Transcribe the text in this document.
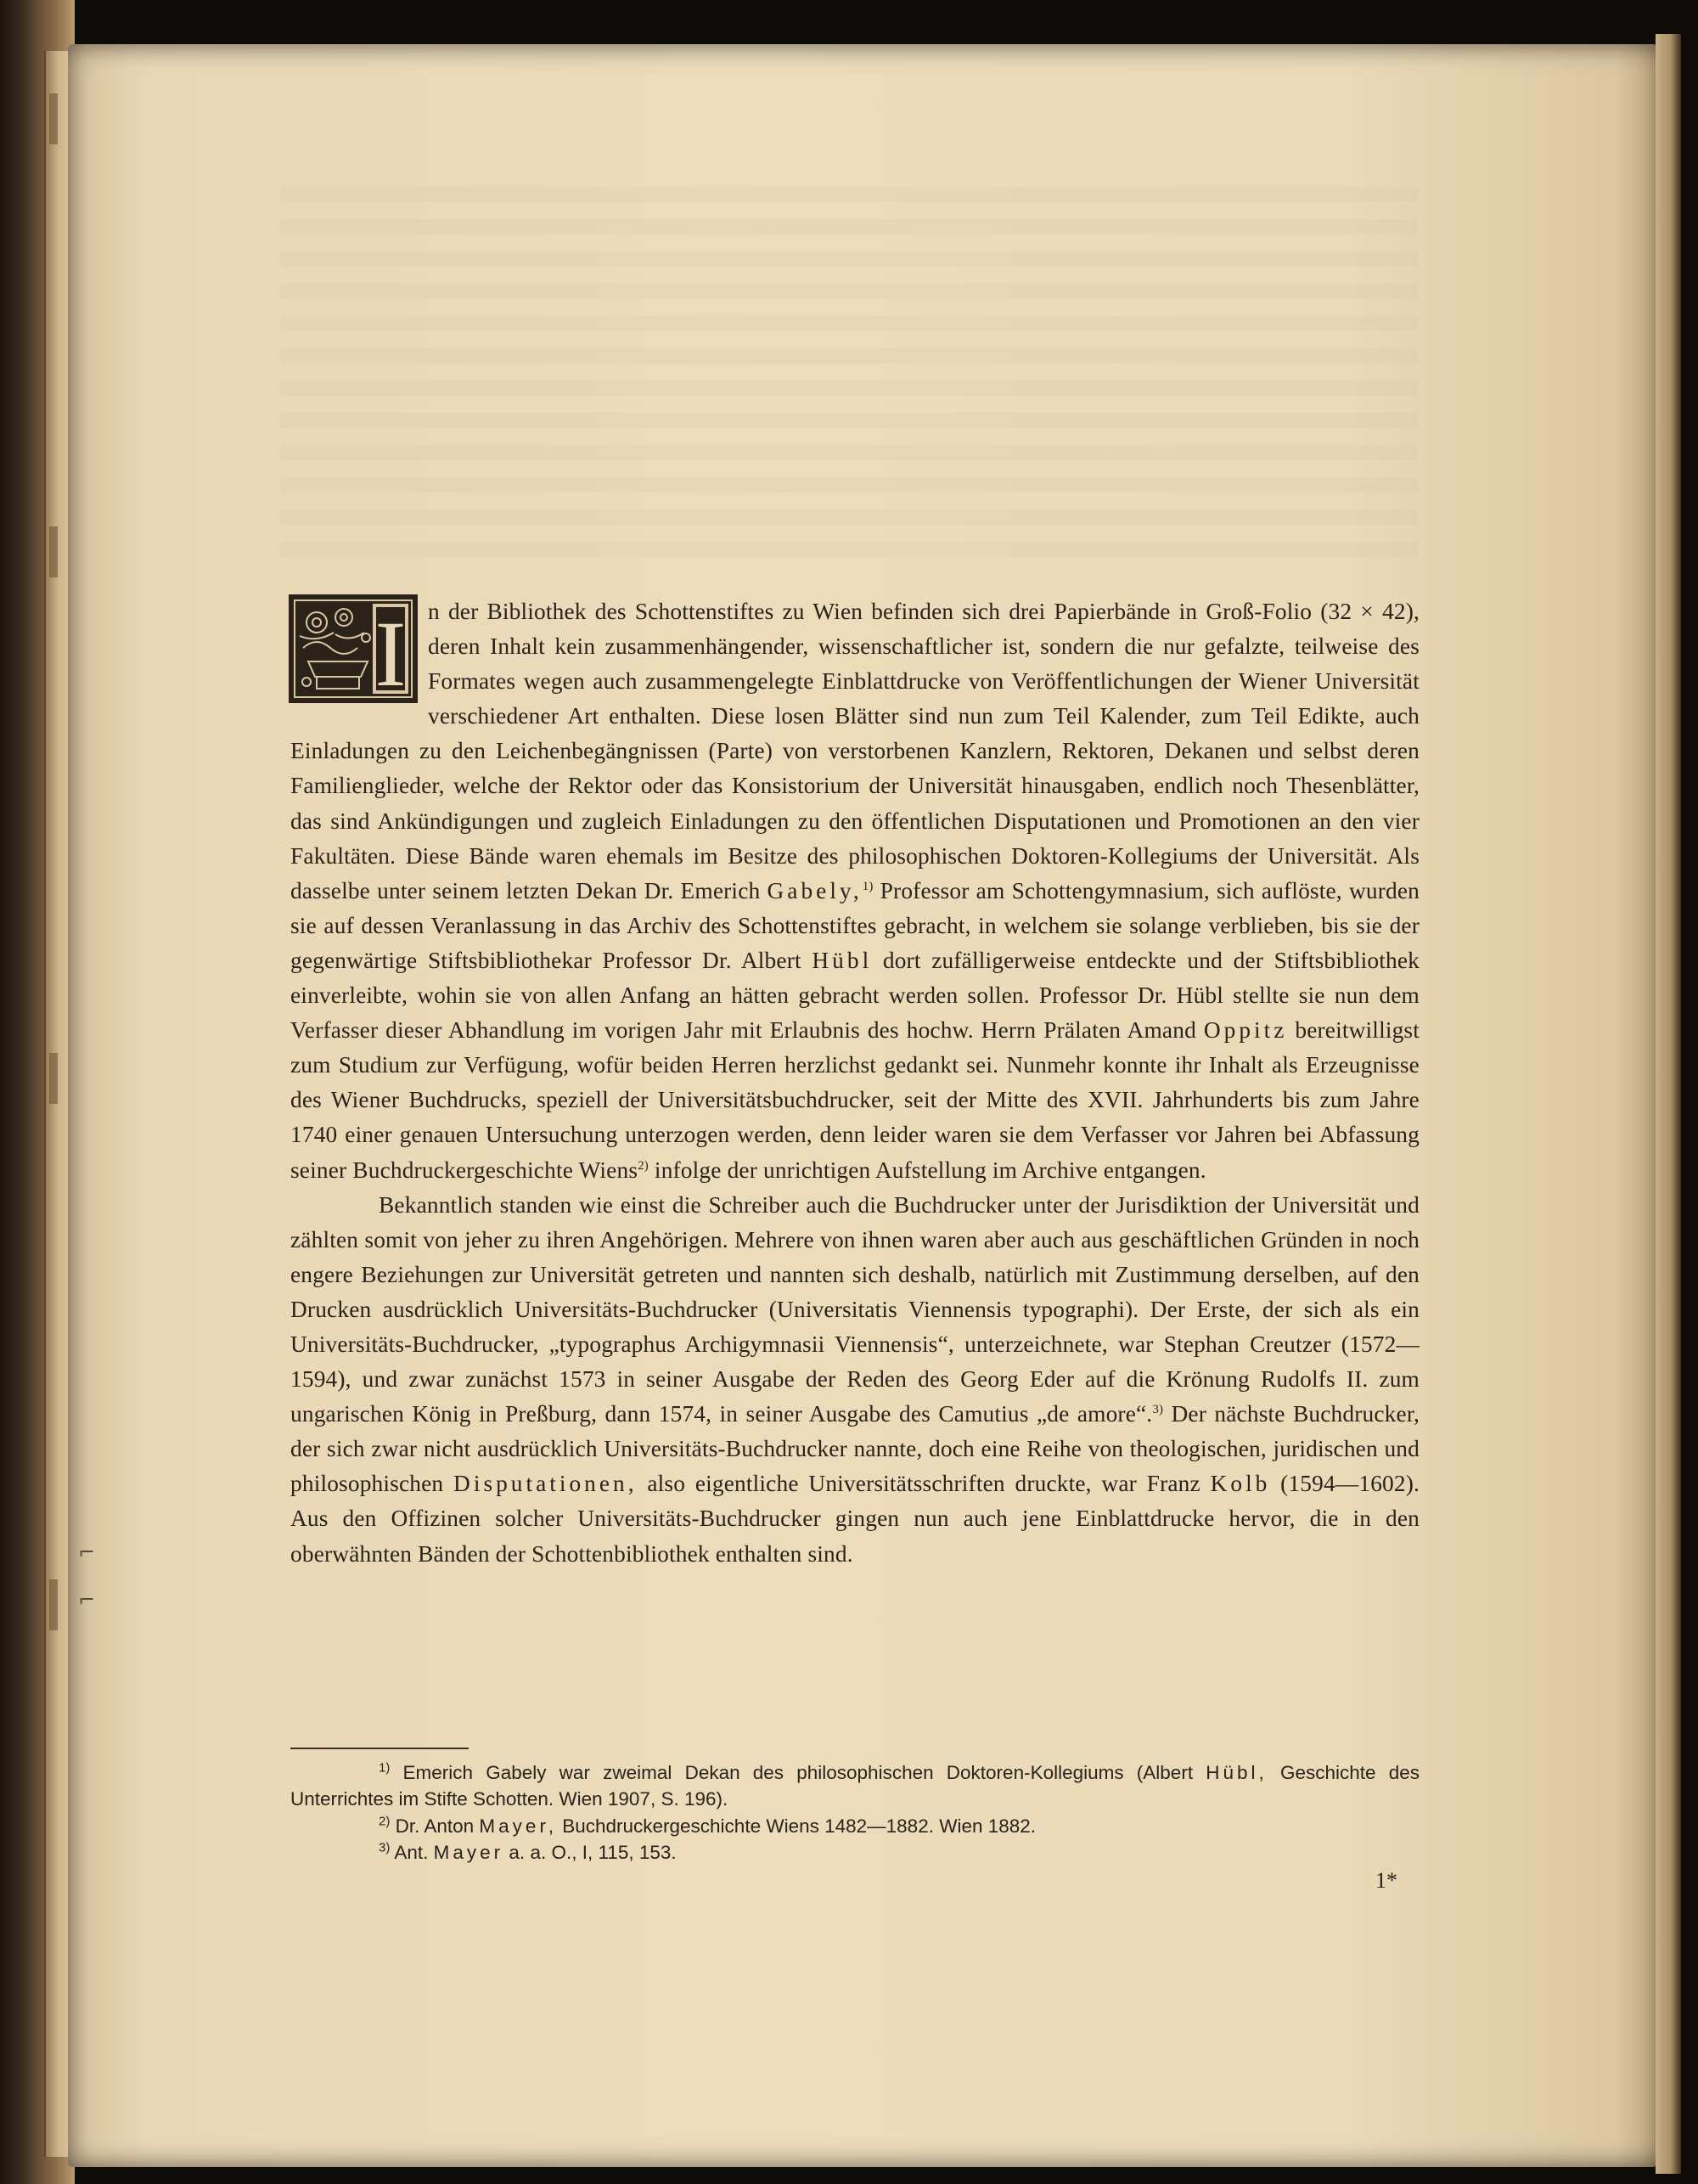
⌐
⌐
I n der Bibliothek des Schottenstiftes zu Wien befinden sich drei Papierbände in Groß-Folio (32 × 42), deren Inhalt kein zusammenhängender, wissenschaftlicher ist, sondern die nur gefalzte, teilweise des Formates wegen auch zusammengelegte Einblattdrucke von Veröffentlichungen der Wiener Universität verschiedener Art enthalten. Diese losen Blätter sind nun zum Teil Kalender, zum Teil Edikte, auch Einladungen zu den Leichenbegängnissen (Parte) von verstorbenen Kanzlern, Rektoren, Dekanen und selbst deren Familienglieder, welche der Rektor oder das Konsistorium der Universität hinausgaben, endlich noch Thesenblätter, das sind Ankündigungen und zugleich Einladungen zu den öffentlichen Disputationen und Promotionen an den vier Fakultäten. Diese Bände waren ehemals im Besitze des philosophischen Doktoren-Kollegiums der Universität. Als dasselbe unter seinem letzten Dekan Dr. Emerich Gabely,$^{1)}$ Professor am Schottengymnasium, sich auflöste, wurden sie auf dessen Veranlassung in das Archiv des Schottenstiftes gebracht, in welchem sie solange verblieben, bis sie der gegenwärtige Stiftsbibliothekar Professor Dr. Albert Hübl dort zufälligerweise entdeckte und der Stiftsbibliothek einverleibte, wohin sie von allen Anfang an hätten gebracht werden sollen. Professor Dr. Hübl stellte sie nun dem Verfasser dieser Abhandlung im vorigen Jahr mit Erlaubnis des hochw. Herrn Prälaten Amand Oppitz bereitwilligst zum Studium zur Verfügung, wofür beiden Herren herzlichst gedankt sei. Nunmehr konnte ihr Inhalt als Erzeugnisse des Wiener Buchdrucks, speziell der Universitätsbuchdrucker, seit der Mitte des XVII. Jahrhunderts bis zum Jahre 1740 einer genauen Untersuchung unterzogen werden, denn leider waren sie dem Verfasser vor Jahren bei Abfassung seiner Buchdruckergeschichte Wiens$^{2)}$ infolge der unrichtigen Aufstellung im Archive entgangen.

Bekanntlich standen wie einst die Schreiber auch die Buchdrucker unter der Jurisdiktion der Universität und zählten somit von jeher zu ihren Angehörigen. Mehrere von ihnen waren aber auch aus geschäftlichen Gründen in noch engere Beziehungen zur Universität getreten und nannten sich deshalb, natürlich mit Zustimmung derselben, auf den Drucken ausdrücklich Universitäts-Buchdrucker (Universitatis Viennensis typographi). Der Erste, der sich als ein Universitäts-Buchdrucker, „typographus Archigymnasii Viennensis“, unterzeichnete, war Stephan Creutzer (1572—1594), und zwar zunächst 1573 in seiner Ausgabe der Reden des Georg Eder auf die Krönung Rudolfs II. zum ungarischen König in Preßburg, dann 1574, in seiner Ausgabe des Camutius „de amore“.$^{3)}$ Der nächste Buchdrucker, der sich zwar nicht ausdrücklich Universitäts-Buchdrucker nannte, doch eine Reihe von theologischen, juridischen und philosophischen Disputationen, also eigentliche Universitätsschriften druckte, war Franz Kolb (1594—1602). Aus den Offizinen solcher Universitäts-Buchdrucker gingen nun auch jene Einblattdrucke hervor, die in den oberwähnten Bänden der Schottenbibliothek enthalten sind.

$^{1)}$ Emerich Gabely war zweimal Dekan des philosophischen Doktoren-Kollegiums (Albert Hübl, Geschichte des Unterrichtes im Stifte Schotten. Wien 1907, S. 196).

$^{2)}$ Dr. Anton Mayer, Buchdruckergeschichte Wiens 1482—1882. Wien 1882.

$^{3)}$ Ant. Mayer a. a. O., I, 115, 153.

1*
